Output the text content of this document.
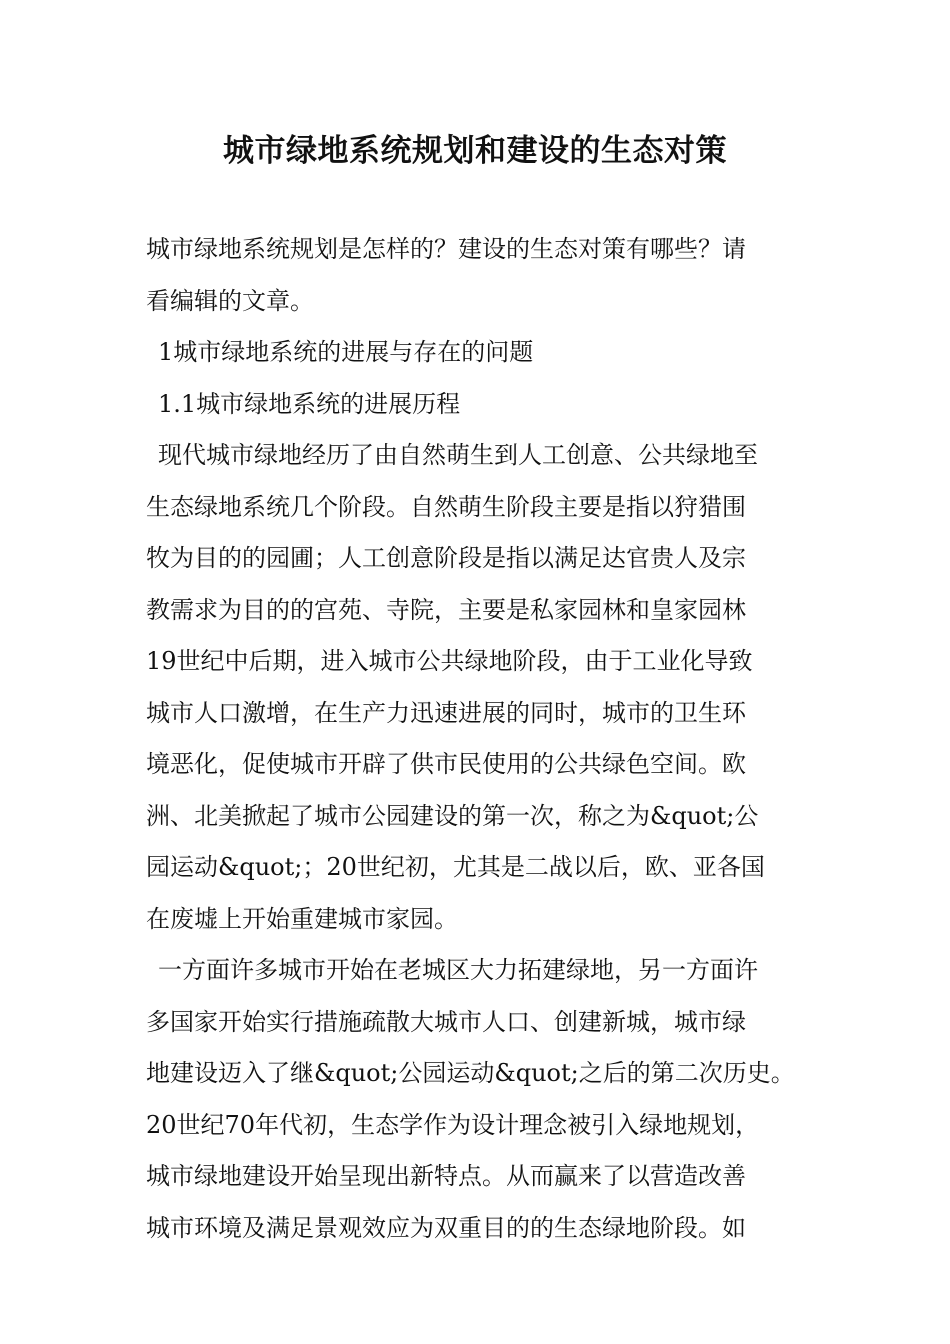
城市绿地系统规划和建设的生态对策
城市绿地系统规划是怎样的？建设的生态对策有哪些？请
看编辑的文章。
1城市绿地系统的进展与存在的问题
1.1城市绿地系统的进展历程
现代城市绿地经历了由自然萌生到人工创意、公共绿地至
生态绿地系统几个阶段。自然萌生阶段主要是指以狩猎围
牧为目的的园圃；人工创意阶段是指以满足达官贵人及宗
教需求为目的的宫苑、寺院，主要是私家园林和皇家园林
19世纪中后期，进入城市公共绿地阶段，由于工业化导致
城市人口激增，在生产力迅速进展的同时，城市的卫生环
境恶化，促使城市开辟了供市民使用的公共绿色空间。欧
洲、北美掀起了城市公园建设的第一次，称之为&quot;公
园运动&quot;；20世纪初，尤其是二战以后，欧、亚各国
在废墟上开始重建城市家园。
一方面许多城市开始在老城区大力拓建绿地，另一方面许
多国家开始实行措施疏散大城市人口、创建新城，城市绿
地建设迈入了继&quot;公园运动&quot;之后的第二次历史。
20世纪70年代初，生态学作为设计理念被引入绿地规划，
城市绿地建设开始呈现出新特点。从而赢来了以营造改善
城市环境及满足景观效应为双重目的的生态绿地阶段。如
